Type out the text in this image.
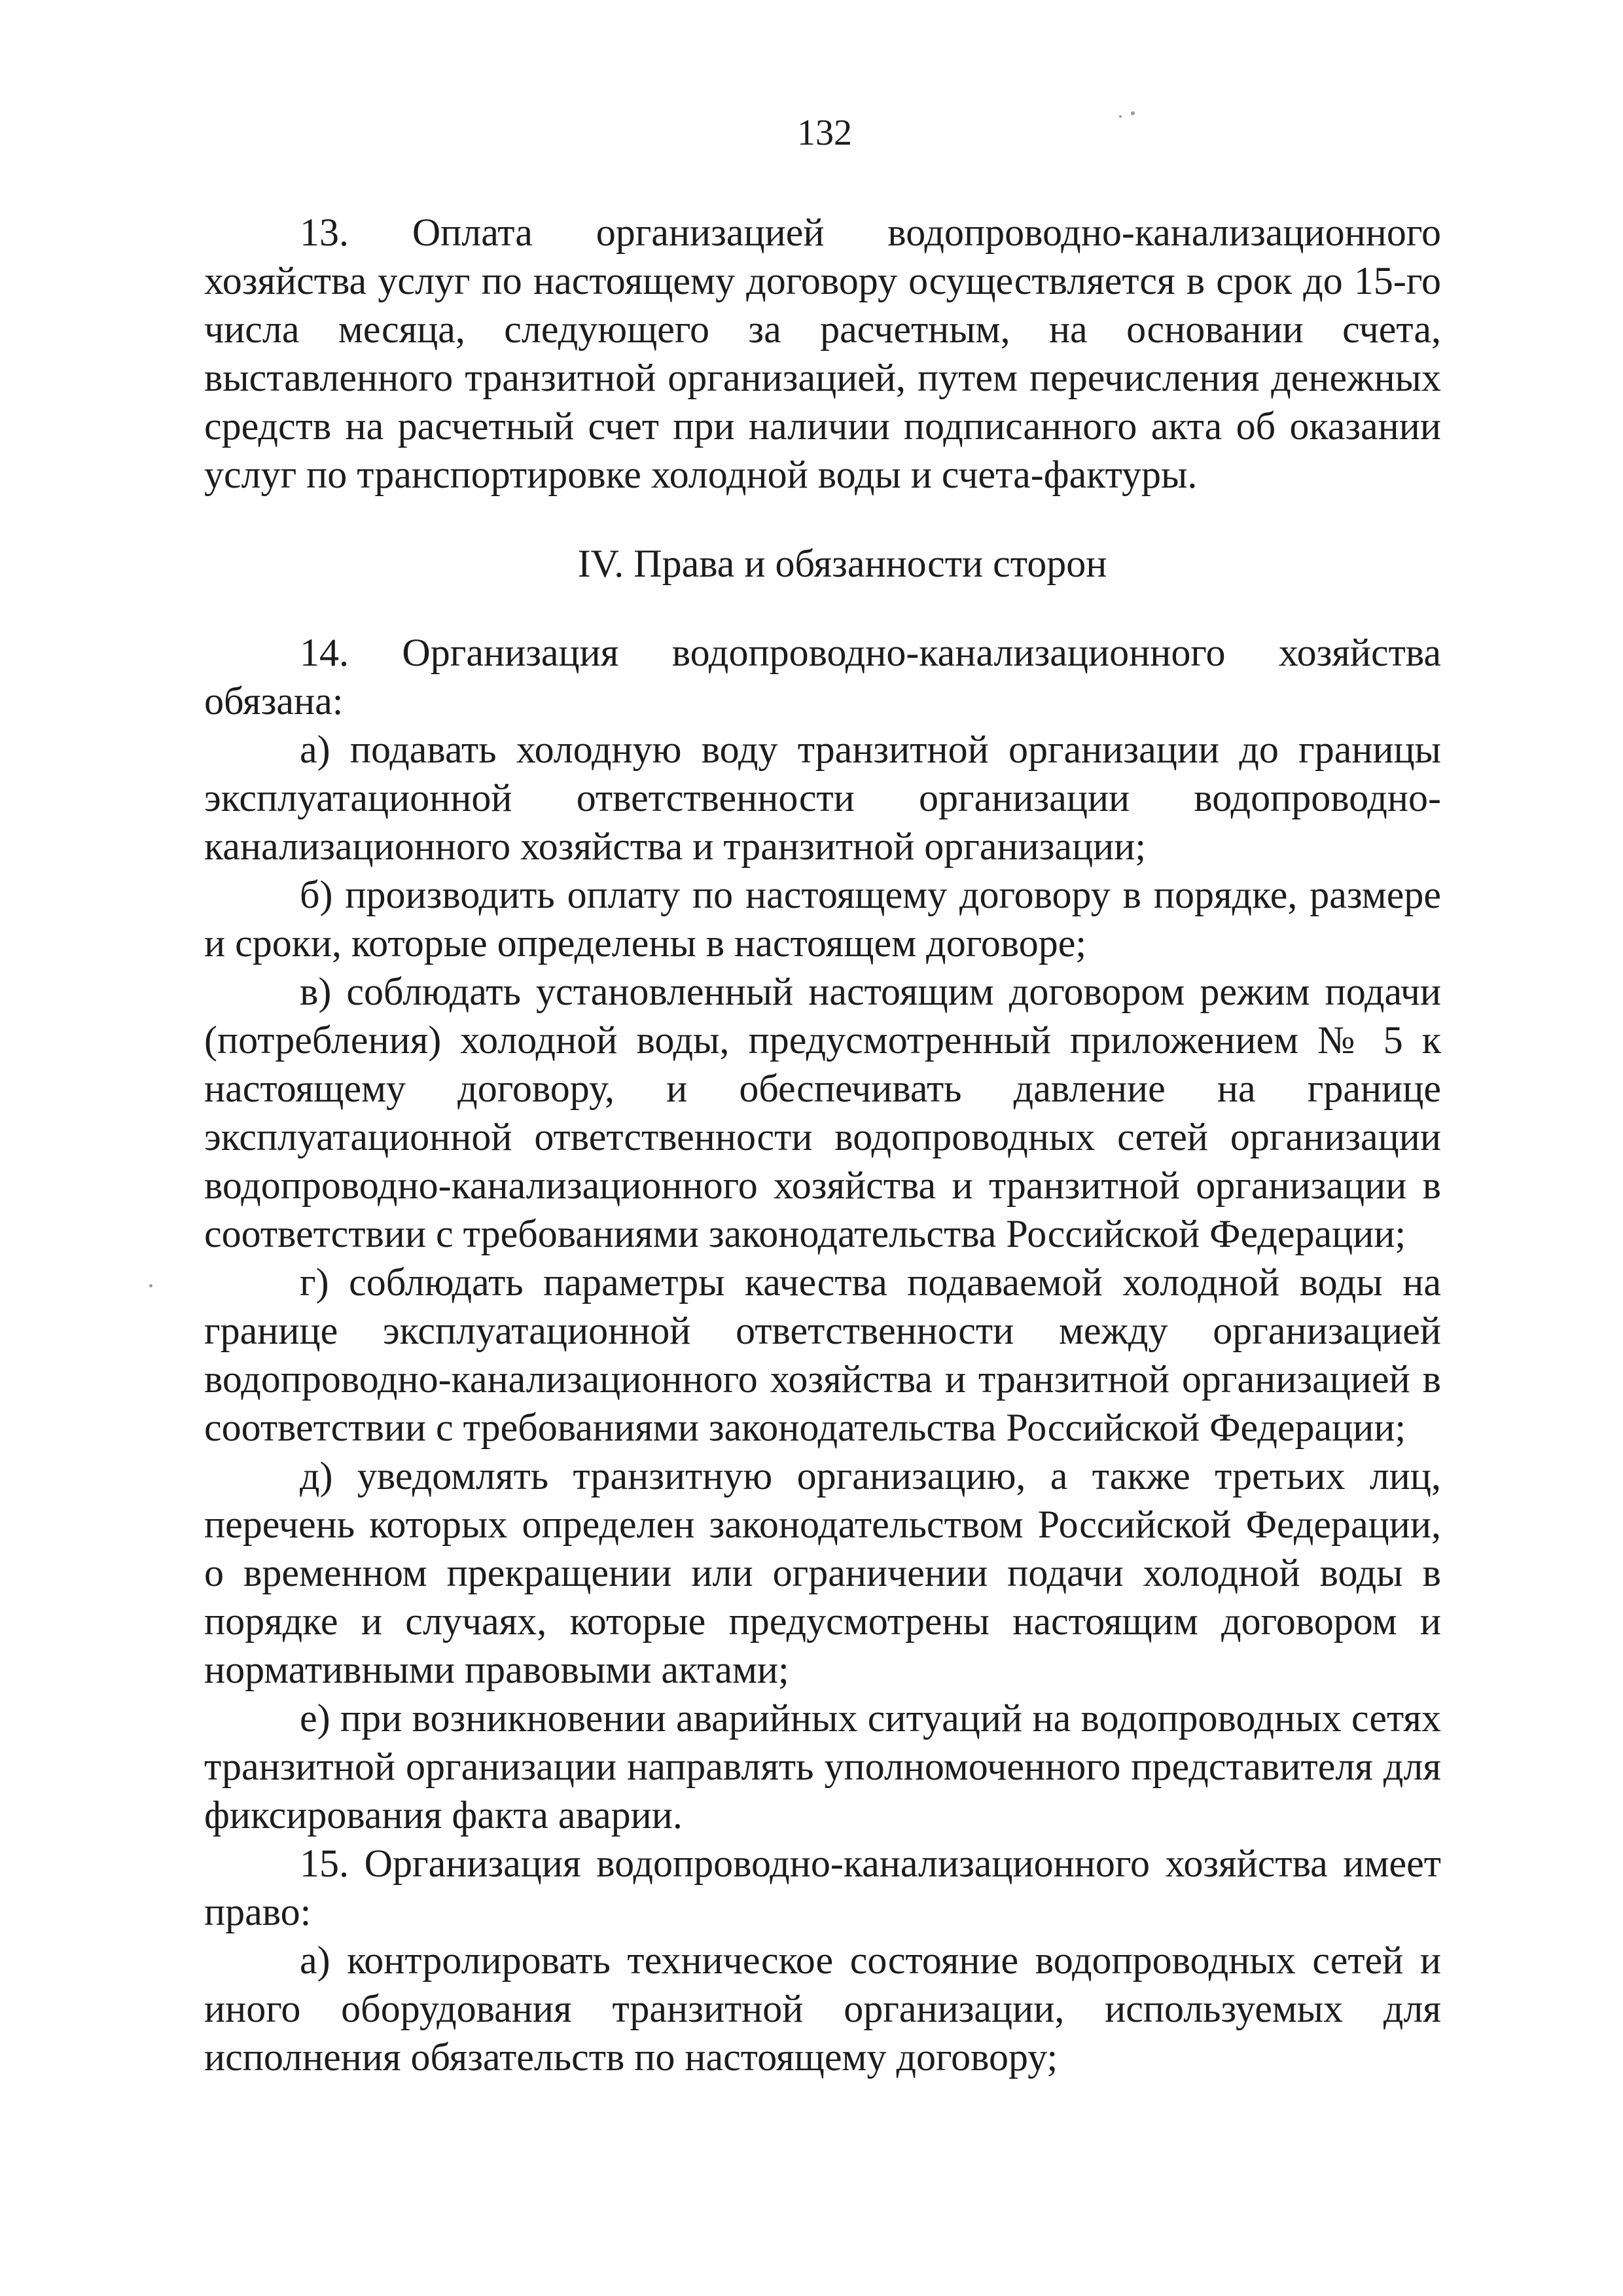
132

13. Оплата организацией водопроводно-канализационного хозяйства услуг по настоящему договору осуществляется в срок до 15-го числа месяца, следующего за расчетным, на основании счета, выставленного транзитной организацией, путем перечисления денежных средств на расчетный счет при наличии подписанного акта об оказании услуг по транспортировке холодной воды и счета-фактуры.

IV. Права и обязанности сторон

14. Организация водопроводно-канализационного хозяйства обязана:

а) подавать холодную воду транзитной организации до границы эксплуатационной ответственности организации водопроводно-канализационного хозяйства и транзитной организации;

б) производить оплату по настоящему договору в порядке, размере и сроки, которые определены в настоящем договоре;

в) соблюдать установленный настоящим договором режим подачи (потребления) холодной воды, предусмотренный приложением № 5 к настоящему договору, и обеспечивать давление на границе эксплуатационной ответственности водопроводных сетей организации водопроводно-канализационного хозяйства и транзитной организации в соответствии с требованиями законодательства Российской Федерации;

г) соблюдать параметры качества подаваемой холодной воды на границе эксплуатационной ответственности между организацией водопроводно-канализационного хозяйства и транзитной организацией в соответствии с требованиями законодательства Российской Федерации;

д) уведомлять транзитную организацию, а также третьих лиц, перечень которых определен законодательством Российской Федерации, о временном прекращении или ограничении подачи холодной воды в порядке и случаях, которые предусмотрены настоящим договором и нормативными правовыми актами;

е) при возникновении аварийных ситуаций на водопроводных сетях транзитной организации направлять уполномоченного представителя для фиксирования факта аварии.

15. Организация водопроводно-канализационного хозяйства имеет право:

а) контролировать техническое состояние водопроводных сетей и иного оборудования транзитной организации, используемых для исполнения обязательств по настоящему договору;
